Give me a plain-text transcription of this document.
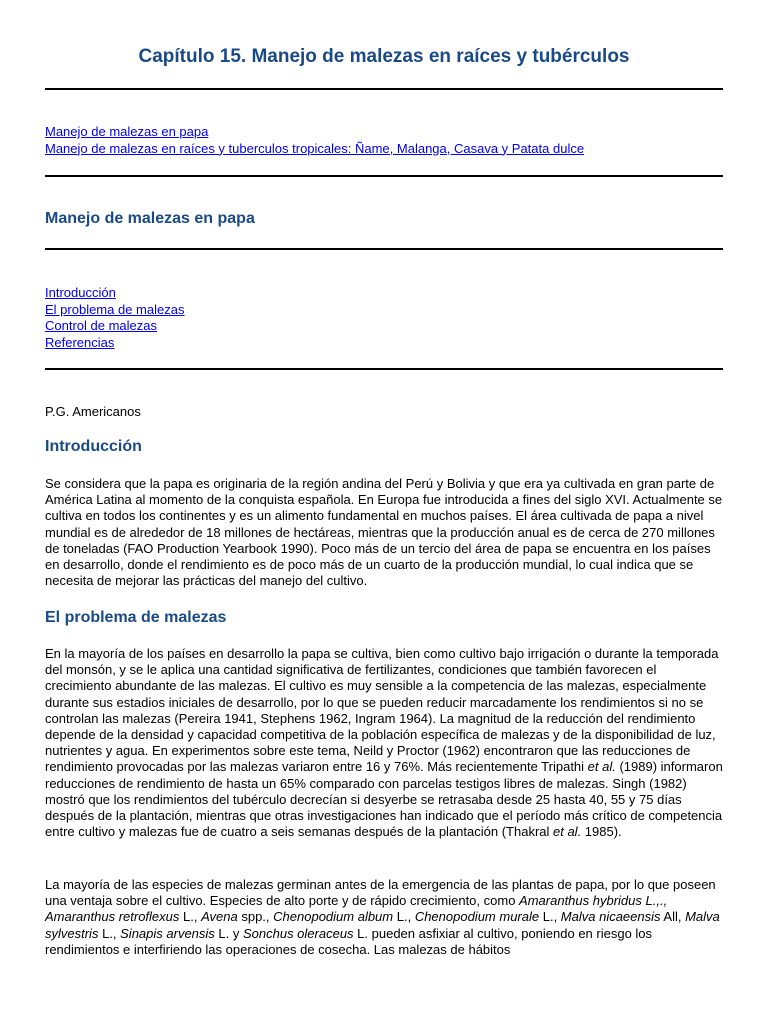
Capítulo 15. Manejo de malezas en raíces y tubérculos
Manejo de malezas en papa
Manejo de malezas en raíces y tuberculos tropicales: Ñame, Malanga, Casava y Patata dulce
Manejo de malezas en papa
Introducción
El problema de malezas
Control de malezas
Referencias

P.G. Americanos

Introducción

Se considera que la papa es originaria de la región andina del Perú y Bolivia y que era ya cultivada en gran parte de América Latina al momento de la conquista española. En Europa fue introducida a fines del siglo XVI. Actualmente se cultiva en todos los continentes y es un alimento fundamental en muchos países. El área cultivada de papa a nivel mundial es de alrededor de 18 millones de hectáreas, mientras que la producción anual es de cerca de 270 millones de toneladas (FAO Production Yearbook 1990). Poco más de un tercio del área de papa se encuentra en los países en desarrollo, donde el rendimiento es de poco más de un cuarto de la producción mundial, lo cual indica que se necesita de mejorar las prácticas del manejo del cultivo.

El problema de malezas

En la mayoría de los países en desarrollo la papa se cultiva, bien como cultivo bajo irrigación o durante la temporada del monsón, y se le aplica una cantidad significativa de fertilizantes, condiciones que también favorecen el crecimiento abundante de las malezas. El cultivo es muy sensible a la competencia de las malezas, especialmente durante sus estadios iniciales de desarrollo, por lo que se pueden reducir marcadamente los rendimientos si no se controlan las malezas (Pereira 1941, Stephens 1962, Ingram 1964). La magnitud de la reducción del rendimiento depende de la densidad y capacidad competitiva de la población específica de malezas y de la disponibilidad de luz, nutrientes y agua. En experimentos sobre este tema, Neild y Proctor (1962) encontraron que las reducciones de rendimiento provocadas por las malezas variaron entre 16 y 76%. Más recientemente Tripathi et al. (1989) informaron reducciones de rendimiento de hasta un 65% comparado con parcelas testigos libres de malezas. Singh (1982) mostró que los rendimientos del tubérculo decrecían si desyerbe se retrasaba desde 25 hasta 40, 55 y 75 días después de la plantación, mientras que otras investigaciones han indicado que el período más crítico de competencia entre cultivo y malezas fue de cuatro a seis semanas después de la plantación (Thakral et al. 1985).

La mayoría de las especies de malezas germinan antes de la emergencia de las plantas de papa, por lo que poseen una ventaja sobre el cultivo. Especies de alto porte y de rápido crecimiento, como Amaranthus hybridus L.,., Amaranthus retroflexus L., Avena spp., Chenopodium album L., Chenopodium murale L., Malva nicaeensis All, Malva sylvestris L., Sinapis arvensis L. y Sonchus oleraceus L. pueden asfixiar al cultivo, poniendo en riesgo los rendimientos e interfiriendo las operaciones de cosecha. Las malezas de hábitos
